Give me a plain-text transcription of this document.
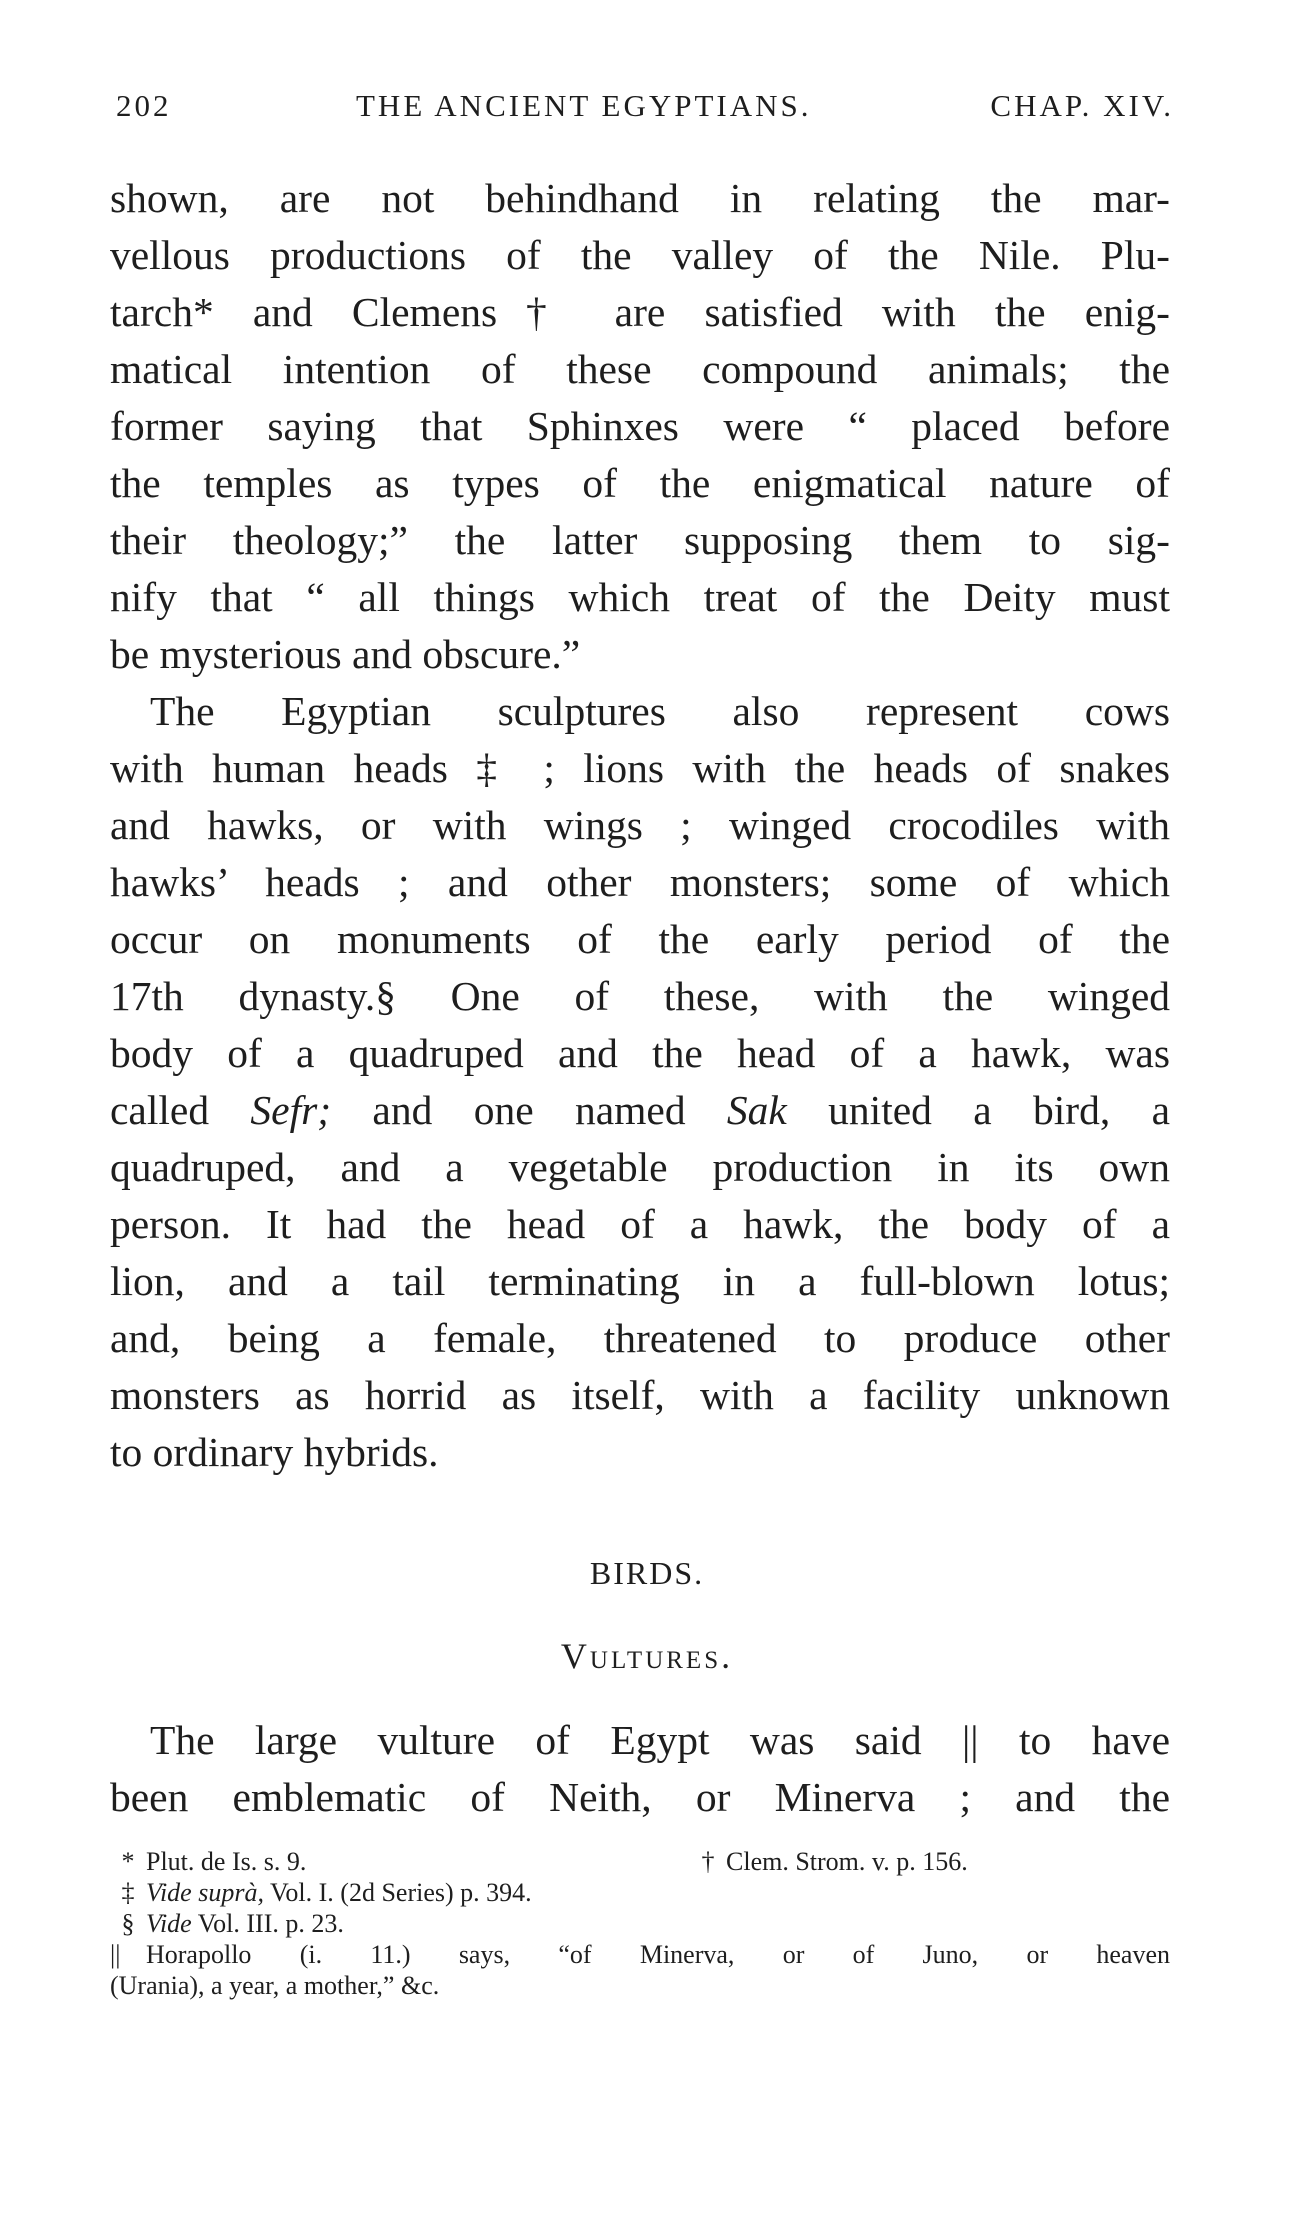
202	THE ANCIENT EGYPTIANS.	CHAP. XIV.
shown, are not behindhand in relating the mar-
vellous productions of the valley of the Nile. Plu-
tarch* and Clemens† are satisfied with the enig-
matical intention of these compound animals; the
former saying that Sphinxes were “ placed before
the temples as types of the enigmatical nature of
their theology;” the latter supposing them to sig-
nify that “ all things which treat of the Deity must
be mysterious and obscure.”
The Egyptian sculptures also represent cows
with human heads ‡ ; lions with the heads of snakes
and hawks, or with wings ; winged crocodiles with
hawks’ heads ; and other monsters; some of which
occur on monuments of the early period of the
17th dynasty.§ One of these, with the winged
body of a quadruped and the head of a hawk, was
called Sefr; and one named Sak united a bird, a
quadruped, and a vegetable production in its own
person. It had the head of a hawk, the body of a
lion, and a tail terminating in a full-blown lotus;
and, being a female, threatened to produce other
monsters as horrid as itself, with a facility unknown
to ordinary hybrids.
BIRDS.
Vultures.
The large vulture of Egypt was said || to have
been emblematic of Neith, or Minerva ; and the
* Plut. de Is. s. 9.	† Clem. Strom. v. p. 156.
‡ Vide suprà, Vol. I. (2d Series) p. 394.
§ Vide Vol. III. p. 23.
|| Horapollo (i. 11.) says, “of Minerva, or of Juno, or heaven
(Urania), a year, a mother,” &c.
